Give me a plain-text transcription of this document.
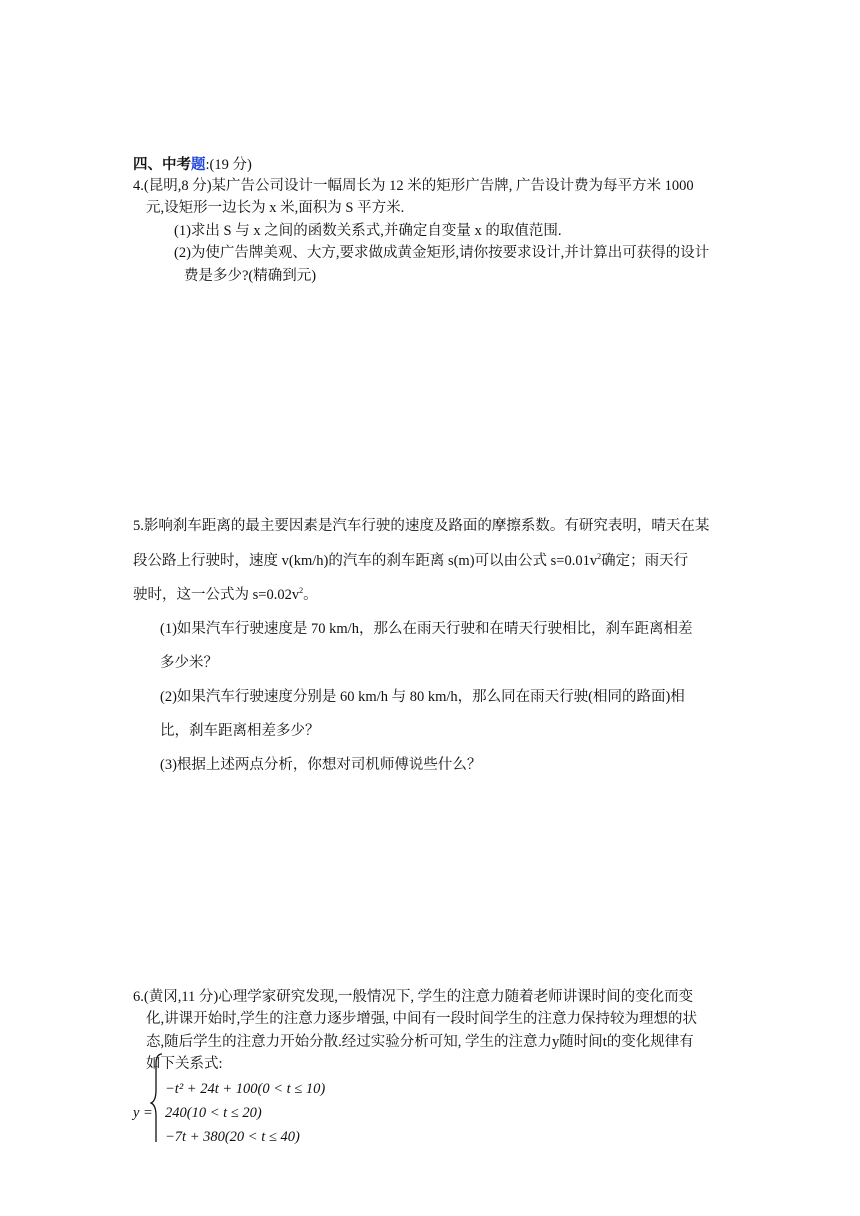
四、中考题:(19 分)
4.(昆明,8 分)某广告公司设计一幅周长为 12 米的矩形广告牌, 广告设计费为每平方米 1000
元,设矩形一边长为 x 米,面积为 S 平方米.
(1)求出 S 与 x 之间的函数关系式,并确定自变量 x 的取值范围.
(2)为使广告牌美观、大方,要求做成黄金矩形,请你按要求设计,并计算出可获得的设计
费是多少?(精确到元)
5.影响刹车距离的最主要因素是汽车行驶的速度及路面的摩擦系数。有研究表明，晴天在某
段公路上行驶时，速度 v(km/h)的汽车的刹车距离 s(m)可以由公式 $s=0.01v^2$确定；雨天行
驶时，这一公式为 $s=0.02v^2$。
(1)如果汽车行驶速度是 70 km/h，那么在雨天行驶和在晴天行驶相比，刹车距离相差
多少米？
(2)如果汽车行驶速度分别是 60 km/h 与 80 km/h，那么同在雨天行驶(相同的路面)相
比，刹车距离相差多少？
(3)根据上述两点分析，你想对司机师傅说些什么？
6.(黄冈,11 分)心理学家研究发现,一般情况下, 学生的注意力随着老师讲课时间的变化而变
化,讲课开始时,学生的注意力逐步增强, 中间有一段时间学生的注意力保持较为理想的状
态,随后学生的注意力开始分散.经过实验分析可知, 学生的注意力y随时间t的变化规律有
如下关系式:
y =
−t² + 24t + 100(0 < t ≤ 10)
240(10 < t ≤ 20)
−7t + 380(20 < t ≤ 40)
